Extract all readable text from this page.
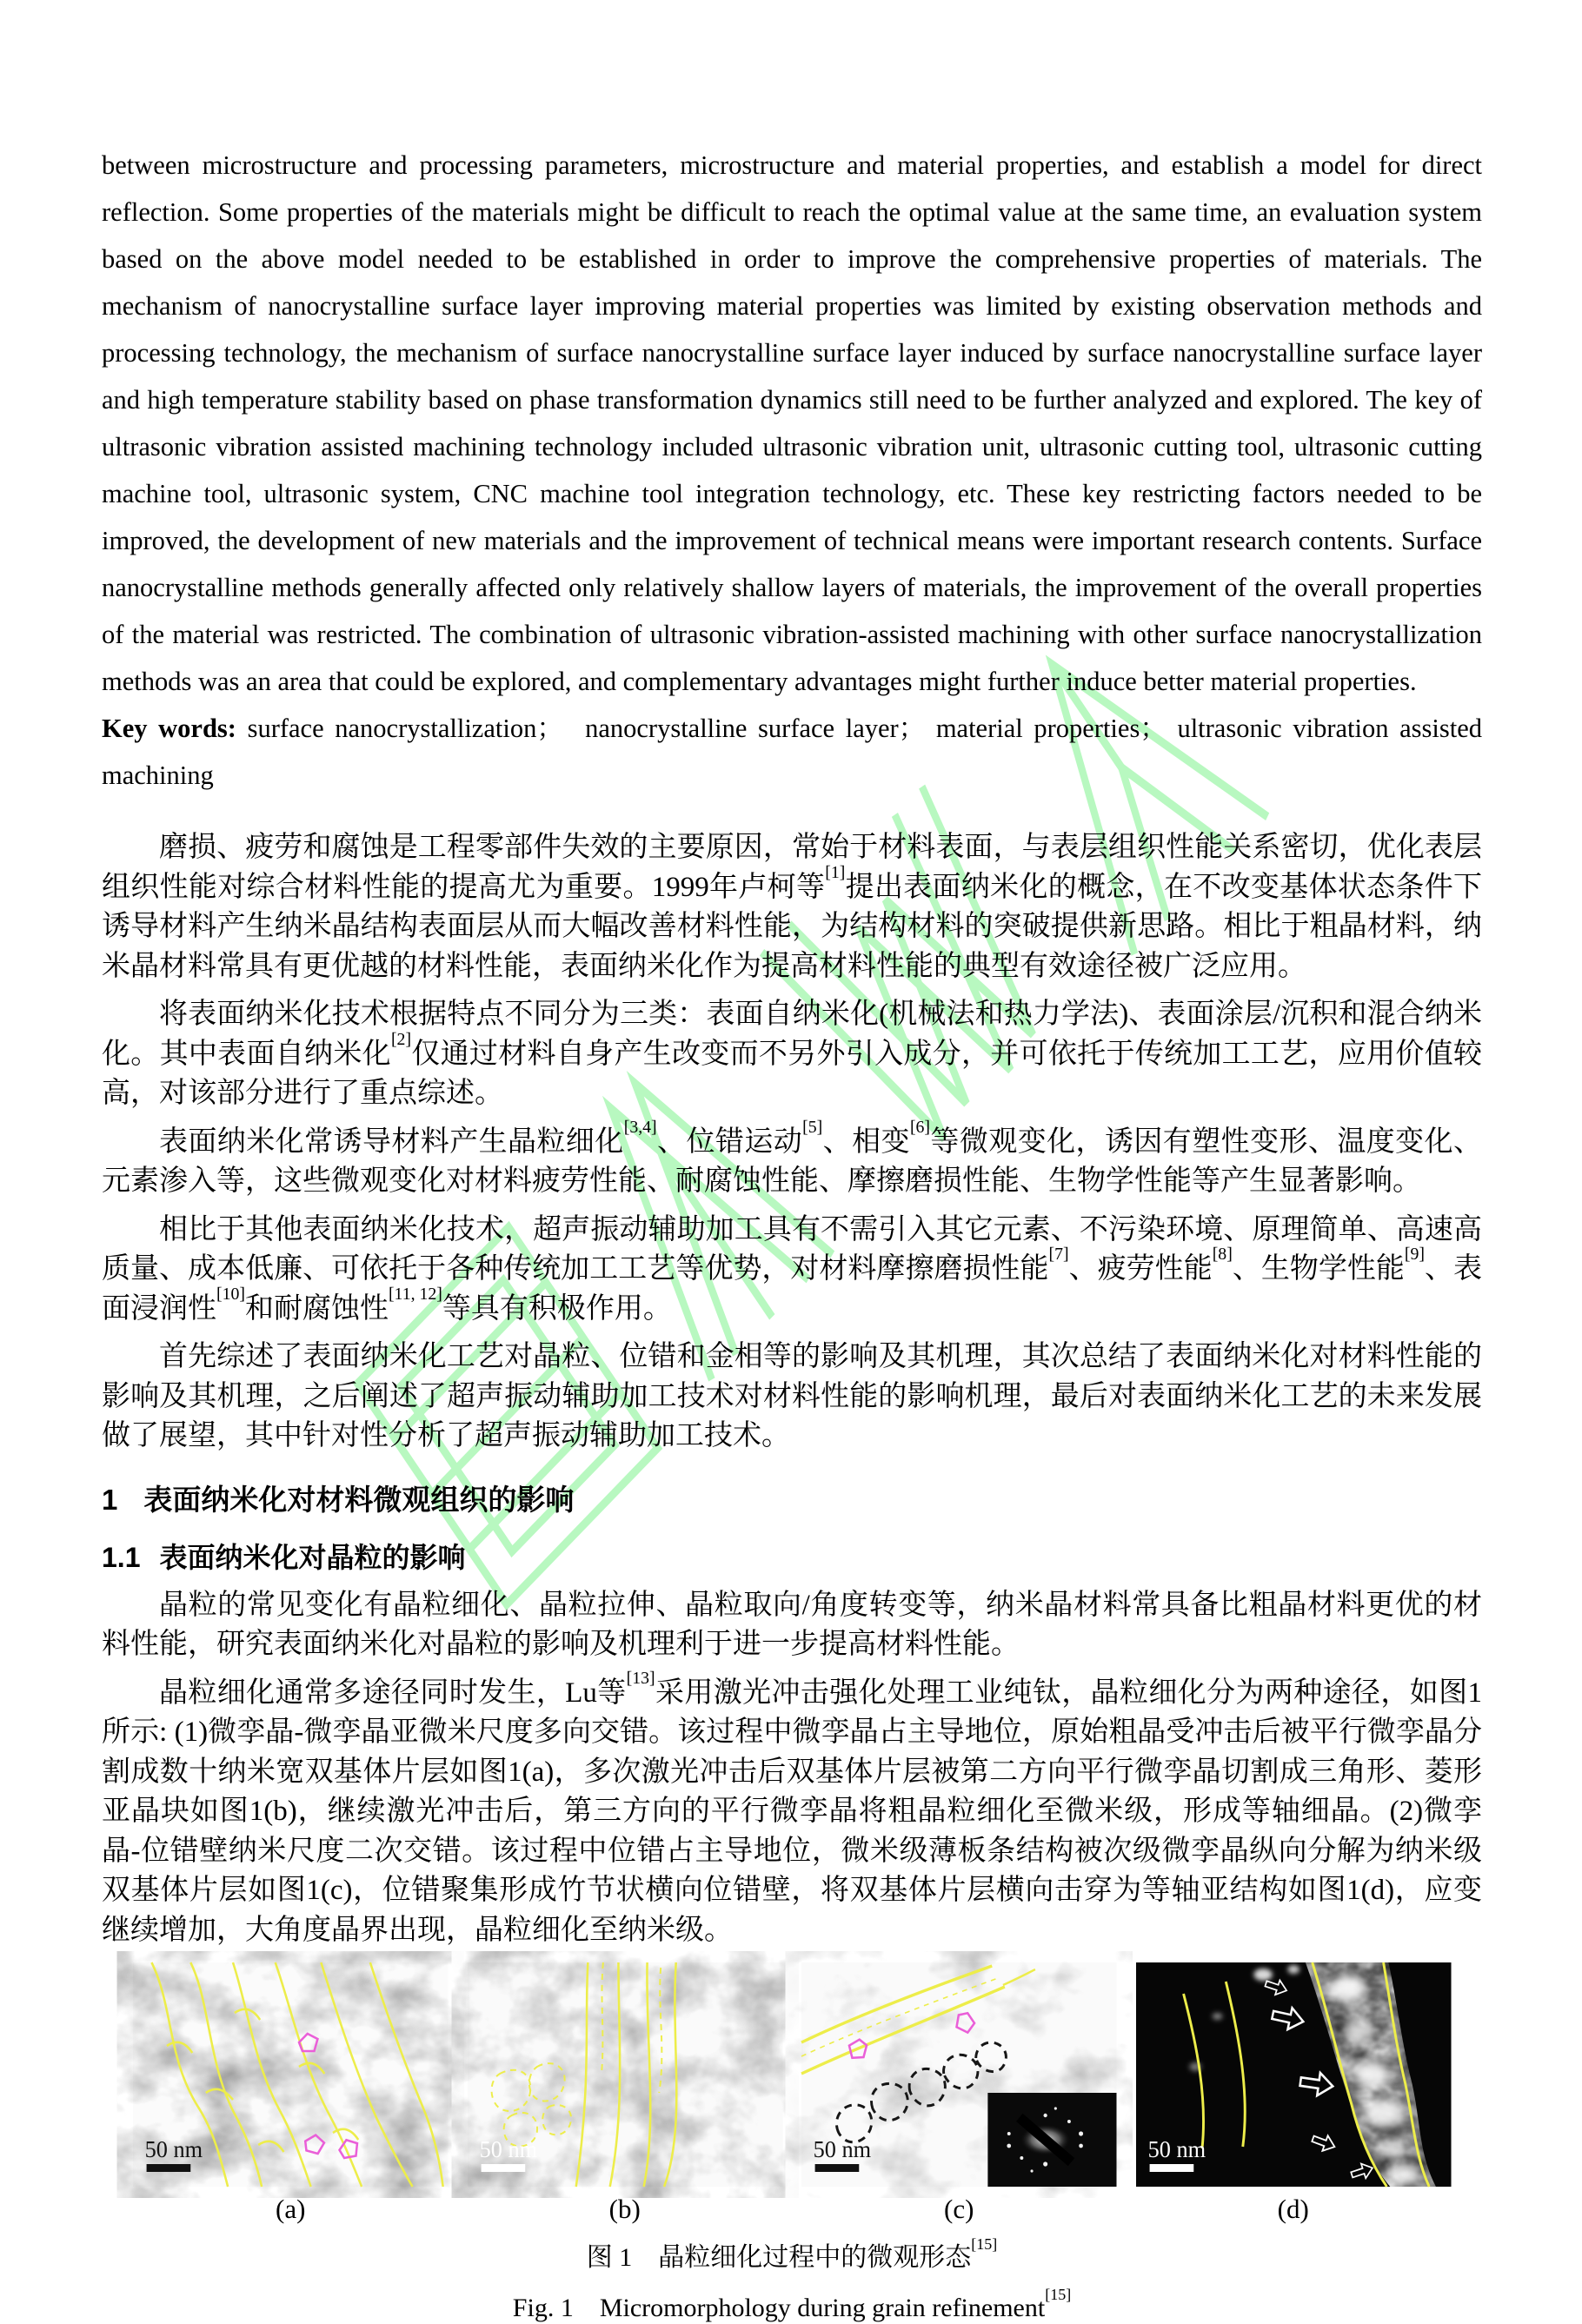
between microstructure and processing parameters, microstructure and material properties, and establish a model for direct reflection. Some properties of the materials might be difficult to reach the optimal value at the same time, an evaluation system based on the above model needed to be established in order to improve the comprehensive properties of materials. The mechanism of nanocrystalline surface layer improving material properties was limited by existing observation methods and processing technology, the mechanism of surface nanocrystalline surface layer induced by surface nanocrystalline surface layer and high temperature stability based on phase transformation dynamics still need to be further analyzed and explored. The key of ultrasonic vibration assisted machining technology included ultrasonic vibration unit, ultrasonic cutting tool, ultrasonic cutting machine tool, ultrasonic system, CNC machine tool integration technology, etc. These key restricting factors needed to be improved, the development of new materials and the improvement of technical means were important research contents. Surface nanocrystalline methods generally affected only relatively shallow layers of materials, the improvement of the overall properties of the material was restricted. The combination of ultrasonic vibration-assisted machining with other surface nanocrystallization methods was an area that could be explored, and complementary advantages might further induce better material properties.

Key words: surface nanocrystallization；　nanocrystalline surface layer； material properties； ultrasonic vibration assisted machining

磨损、疲劳和腐蚀是工程零部件失效的主要原因，常始于材料表面，与表层组织性能关系密切，优化表层组织性能对综合材料性能的提高尤为重要。1999年卢柯等[1]提出表面纳米化的概念，在不改变基体状态条件下诱导材料产生纳米晶结构表面层从而大幅改善材料性能，为结构材料的突破提供新思路。相比于粗晶材料，纳米晶材料常具有更优越的材料性能，表面纳米化作为提高材料性能的典型有效途径被广泛应用。

将表面纳米化技术根据特点不同分为三类：表面自纳米化(机械法和热力学法)、表面涂层/沉积和混合纳米化。其中表面自纳米化[2]仅通过材料自身产生改变而不另外引入成分，并可依托于传统加工工艺，应用价值较高，对该部分进行了重点综述。

表面纳米化常诱导材料产生晶粒细化[3,4]、位错运动[5]、相变[6]等微观变化，诱因有塑性变形、温度变化、元素渗入等，这些微观变化对材料疲劳性能、耐腐蚀性能、摩擦磨损性能、生物学性能等产生显著影响。

相比于其他表面纳米化技术，超声振动辅助加工具有不需引入其它元素、不污染环境、原理简单、高速高质量、成本低廉、可依托于各种传统加工工艺等优势，对材料摩擦磨损性能[7]、疲劳性能[8]、生物学性能[9]、表面浸润性[10]和耐腐蚀性[11, 12]等具有积极作用。

首先综述了表面纳米化工艺对晶粒、位错和金相等的影响及其机理，其次总结了表面纳米化对材料性能的影响及其机理，之后阐述了超声振动辅助加工技术对材料性能的影响机理，最后对表面纳米化工艺的未来发展做了展望，其中针对性分析了超声振动辅助加工技术。

1 表面纳米化对材料微观组织的影响
1.1 表面纳米化对晶粒的影响

晶粒的常见变化有晶粒细化、晶粒拉伸、晶粒取向/角度转变等，纳米晶材料常具备比粗晶材料更优的材料性能，研究表面纳米化对晶粒的影响及机理利于进一步提高材料性能。

晶粒细化通常多途径同时发生，Lu等[13]采用激光冲击强化处理工业纯钛，晶粒细化分为两种途径，如图1所示: (1)微孪晶-微孪晶亚微米尺度多向交错。该过程中微孪晶占主导地位，原始粗晶受冲击后被平行微孪晶分割成数十纳米宽双基体片层如图1(a)，多次激光冲击后双基体片层被第二方向平行微孪晶切割成三角形、菱形亚晶块如图1(b)，继续激光冲击后，第三方向的平行微孪晶将粗晶粒细化至微米级，形成等轴细晶。(2)微孪晶-位错壁纳米尺度二次交错。该过程中位错占主导地位，微米级薄板条结构被次级微孪晶纵向分解为纳米级双基体片层如图1(c)，位错聚集形成竹节状横向位错壁，将双基体片层横向击穿为等轴亚结构如图1(d)，应变继续增加，大角度晶界出现，晶粒细化至纳米级。

50 nm	50 nm	50 nm	50 nm
(a)	(b)	(c)	(d)

图 1　晶粒细化过程中的微观形态[15]

Fig. 1　Micromorphology during grain refinement[15]
